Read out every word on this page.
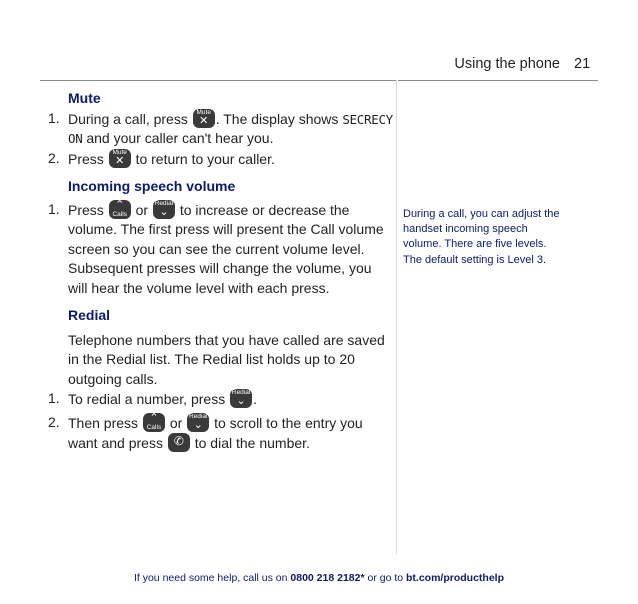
Using the phone 21
Mute
1. During a call, press	Mute
✕ . The display shows SECRECY ON and your caller can't hear you.
2. Press	Mute
✕ to return to your caller.
Incoming speech volume
1. Press	⌃
Calls or Redial
⌄ to increase or decrease the volume. The first press will present the Call volume screen so you can see the current volume level. Subsequent presses will change the volume, you will hear the volume level with each press.
Redial
Telephone numbers that you have called are saved in the Redial list. The Redial list holds up to 20 outgoing calls.
1. To redial a number, press Redial
⌄ .
2. Then press	⌃
Calls or Redial
⌄ to scroll to the entry you want and press ✆ to dial the number.
During a call, you can adjust the handset incoming speech volume. There are five levels. The default setting is Level 3.
If you need some help, call us on 0800 218 2182* or go to bt.com/producthelp
